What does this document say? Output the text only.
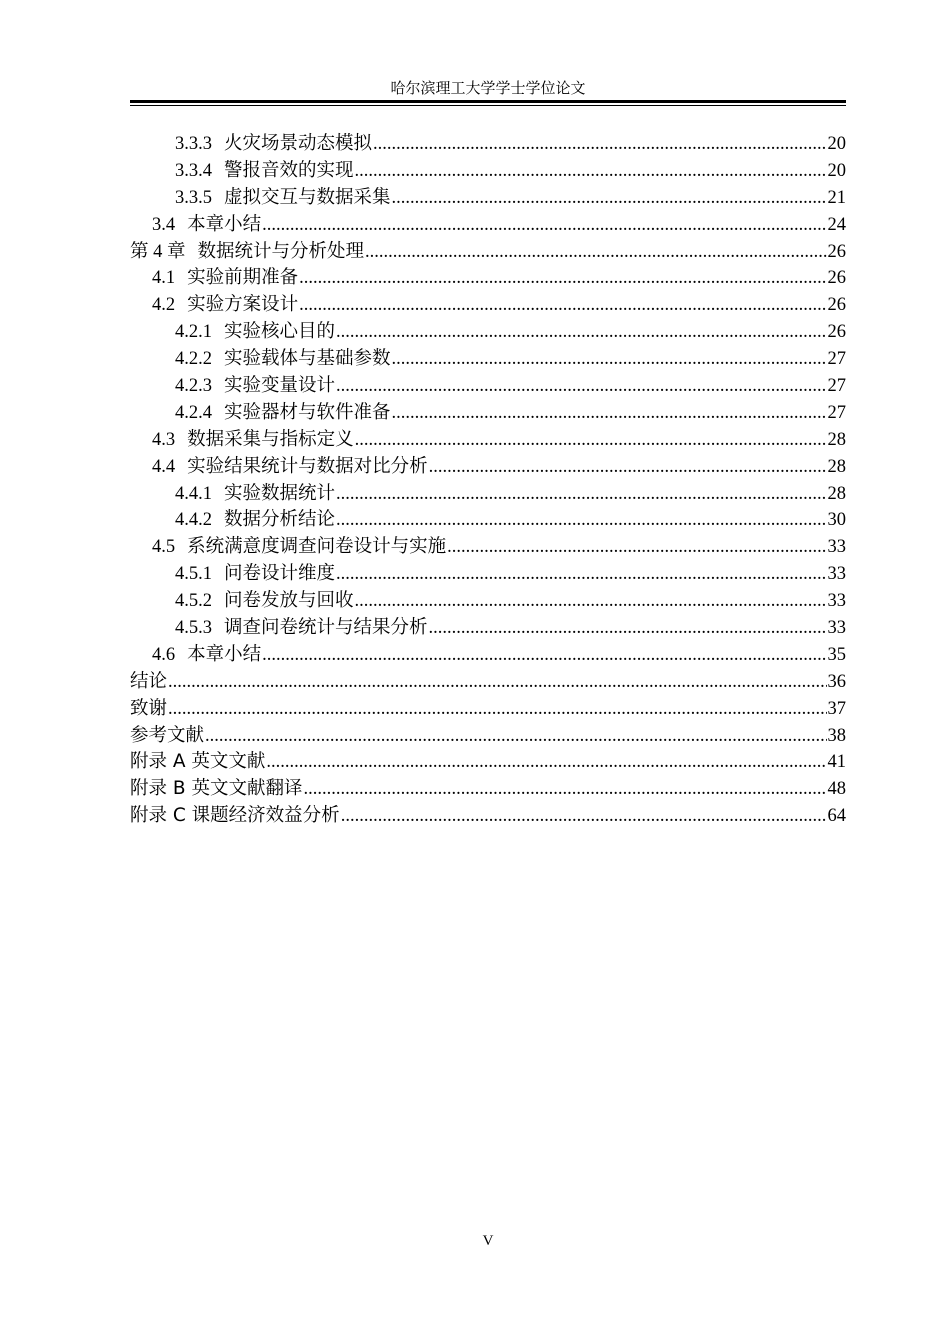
哈尔滨理工大学学士学位论文
3.3.3 火灾场景动态模拟 .....	20
3.3.4 警报音效的实现 .....	20
3.3.5 虚拟交互与数据采集 .....	21
3.4 本章小结 .....	24
第 4 章 数据统计与分析处理 .....	26
4.1 实验前期准备 .....	26
4.2 实验方案设计 .....	26
4.2.1 实验核心目的 .....	26
4.2.2 实验载体与基础参数 .....	27
4.2.3 实验变量设计 .....	27
4.2.4 实验器材与软件准备 .....	27
4.3 数据采集与指标定义 .....	28
4.4 实验结果统计与数据对比分析 .....	28
4.4.1 实验数据统计 .....	28
4.4.2 数据分析结论 .....	30
4.5 系统满意度调查问卷设计与实施 .....	33
4.5.1 问卷设计维度 .....	33
4.5.2 问卷发放与回收 .....	33
4.5.3 调查问卷统计与结果分析 .....	33
4.6 本章小结 .....	35
结论 .....	36
致谢 .....	37
参考文献 .....	38
附录 A 英文文献 .....	41
附录 B 英文文献翻译 .....	48
附录 C 课题经济效益分析 .....	64
V
